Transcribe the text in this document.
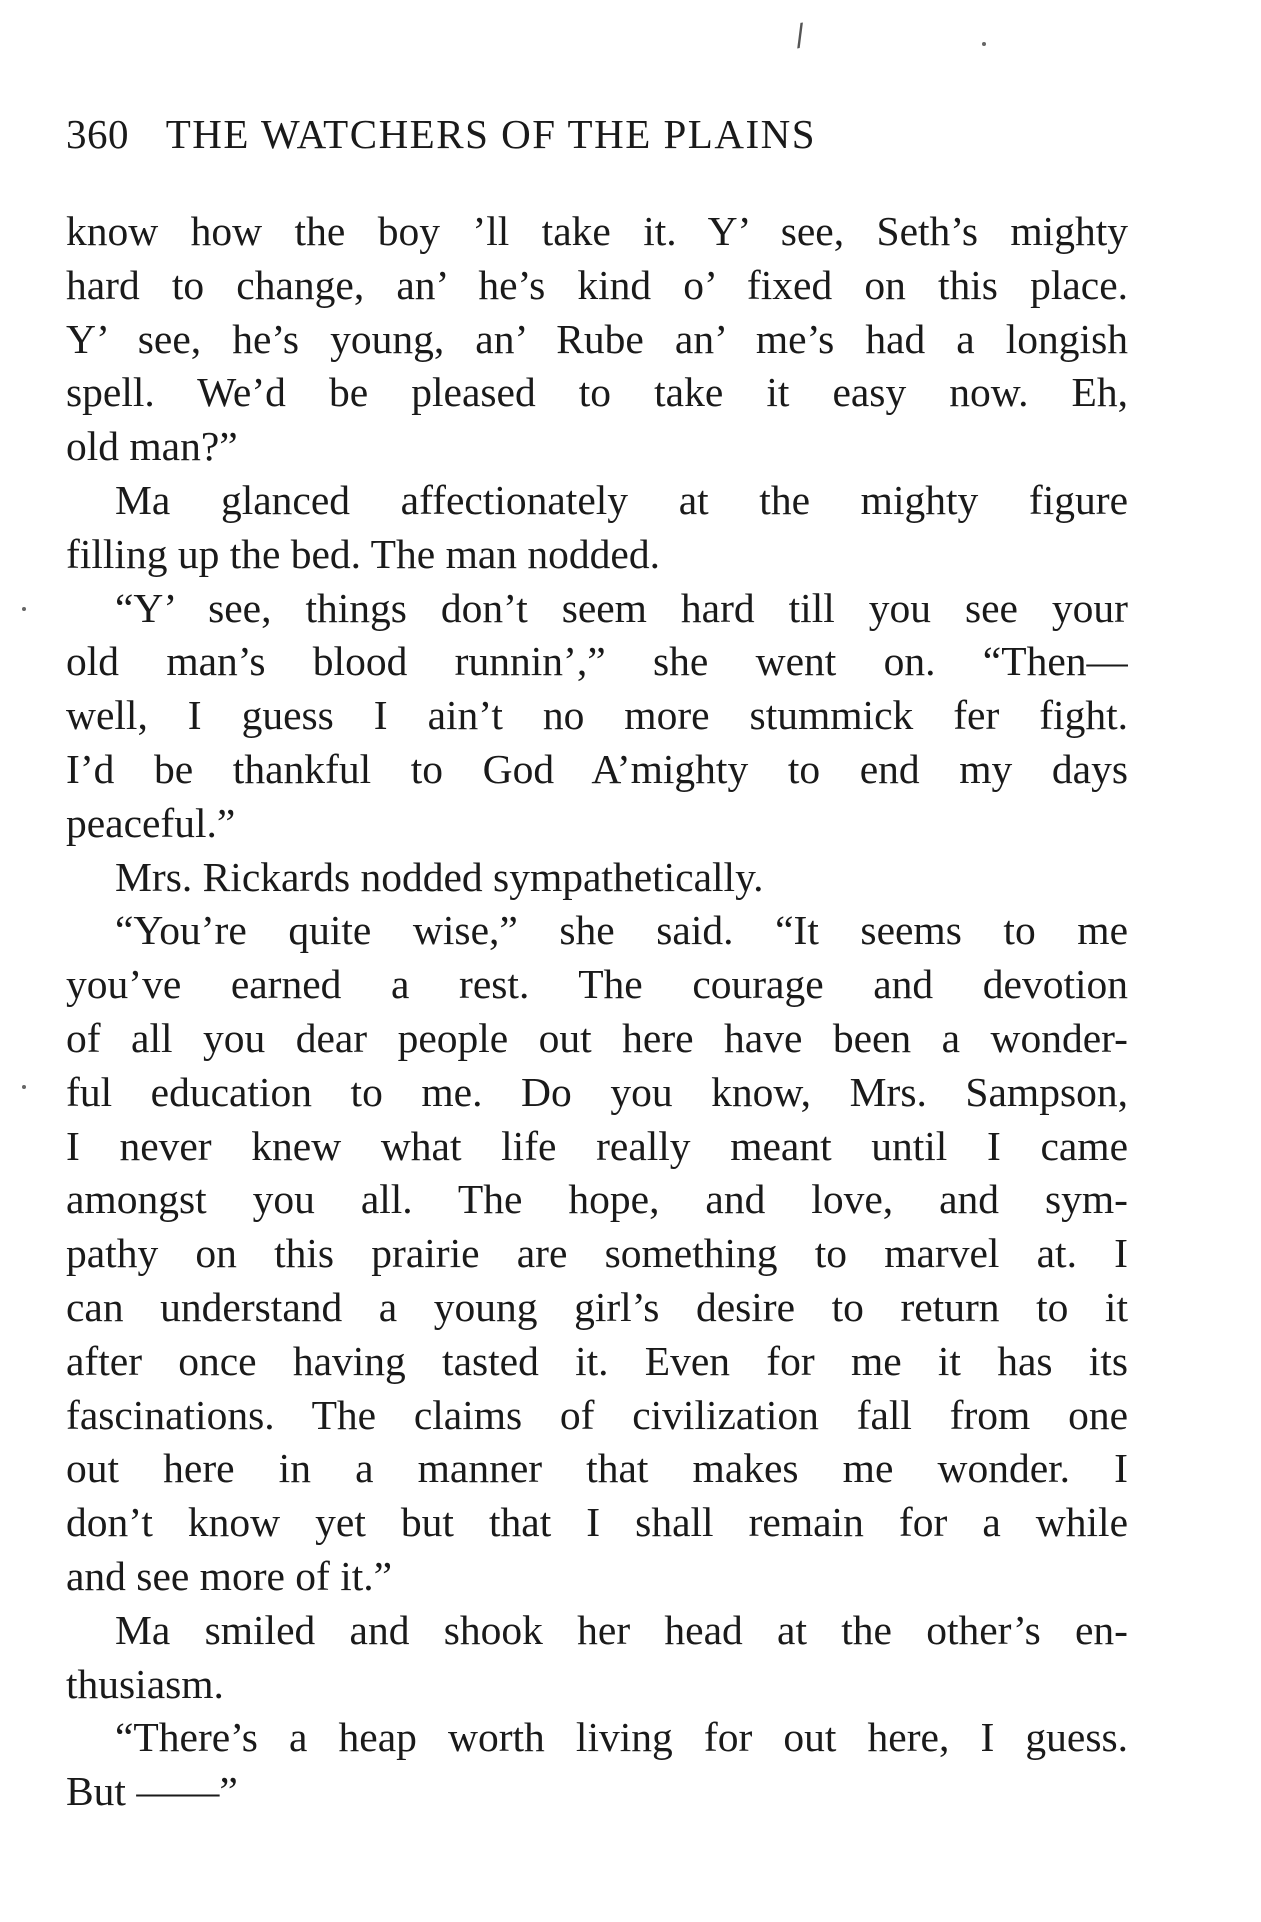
/
360 THE WATCHERS OF THE PLAINS
know how the boy ’ll take it. Y’ see, Seth’s mighty
hard to change, an’ he’s kind o’ fixed on this place.
Y’ see, he’s young, an’ Rube an’ me’s had a longish
spell. We’d be pleased to take it easy now. Eh,
old man?”
Ma glanced affectionately at the mighty figure
filling up the bed. The man nodded.
“Y’ see, things don’t seem hard till you see your
old man’s blood runnin’,” she went on. “Then—
well, I guess I ain’t no more stummick fer fight.
I’d be thankful to God A’mighty to end my days
peaceful.”
Mrs. Rickards nodded sympathetically.
“You’re quite wise,” she said. “It seems to me
you’ve earned a rest. The courage and devotion
of all you dear people out here have been a wonder-
ful education to me. Do you know, Mrs. Sampson,
I never knew what life really meant until I came
amongst you all. The hope, and love, and sym-
pathy on this prairie are something to marvel at. I
can understand a young girl’s desire to return to it
after once having tasted it. Even for me it has its
fascinations. The claims of civilization fall from one
out here in a manner that makes me wonder. I
don’t know yet but that I shall remain for a while
and see more of it.”
Ma smiled and shook her head at the other’s en-
thusiasm.
“There’s a heap worth living for out here, I guess.
But ——”
